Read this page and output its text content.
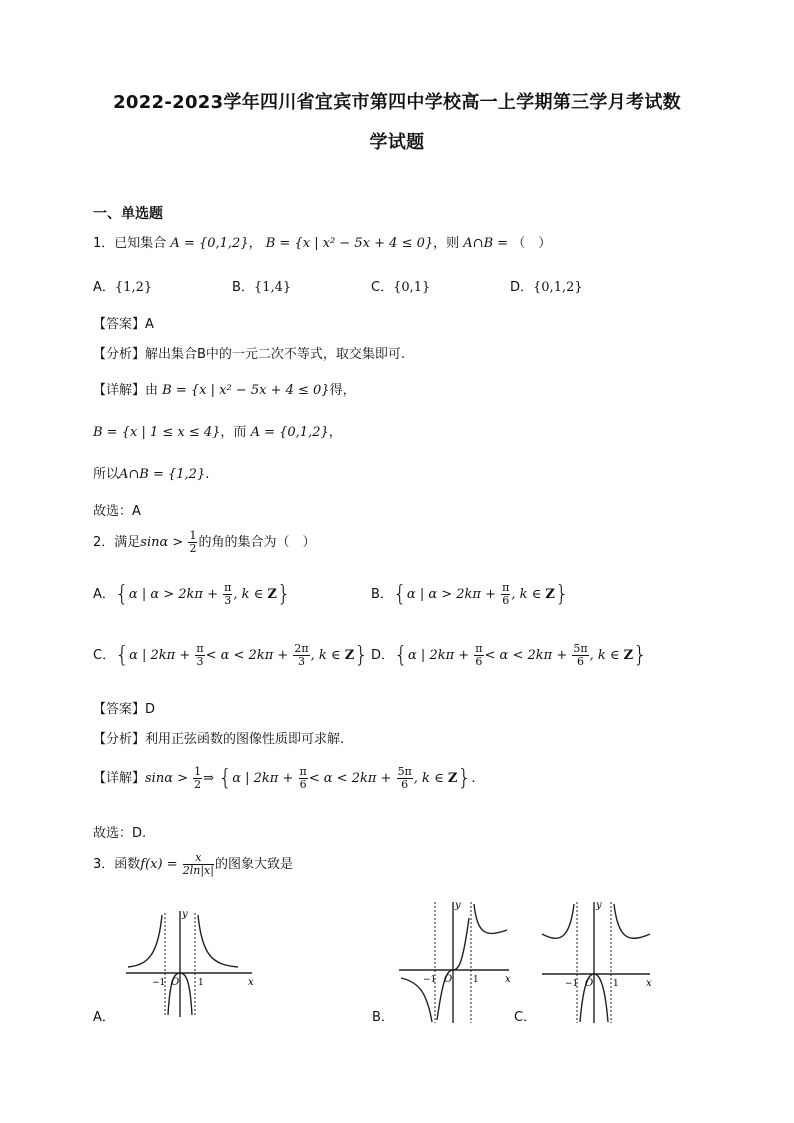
2022-2023学年四川省宜宾市第四中学校高一上学期第三学月考试数
学试题
一、单选题
1．已知集合 A = {0,1,2}， B = {x | x² − 5x + 4 ≤ 0}，则 A∩B = （　）
A．{1,2}	B．{1,4}	C．{0,1}	D．{0,1,2}
【答案】A
【分析】解出集合B中的一元二次不等式，取交集即可.
【详解】由 B = {x | x² − 5x + 4 ≤ 0}得，
B = {x | 1 ≤ x ≤ 4}，而 A = {0,1,2}，
所以A∩B = {1,2}.
故选：A
2．满足$\sin\alpha > \frac{1}{2}$ 的角的集合为（　）
A．{α | $\alpha > 2k\pi + \frac{\pi}{3}$ , k ∈ Z}	B．{α | $\alpha > 2k\pi + \frac{\pi}{6}$ , k ∈ Z}
C．{α | $2k\pi + \frac{\pi}{3} < \alpha < 2k\pi + \frac{2\pi}{3}$ , k ∈ Z} D．{α | $2k\pi + \frac{\pi}{6} < \alpha < 2k\pi + \frac{5\pi}{6}$ , k ∈ Z}
【答案】D
【分析】利用正弦函数的图像性质即可求解.
【详解】$\sin\alpha > \frac{1}{2}$ ⇒ {α | $2k\pi + \frac{\pi}{6} < \alpha < 2k\pi + \frac{5\pi}{6}$ , k ∈ Z}.
故选：D.
3．函数$f(x) = \frac{x}{2\ln|x|}$ 的图象大致是
y
x
O
−1	1
A．
y
x
O
−1	1
B．
y
x
O
−1	1
C．
